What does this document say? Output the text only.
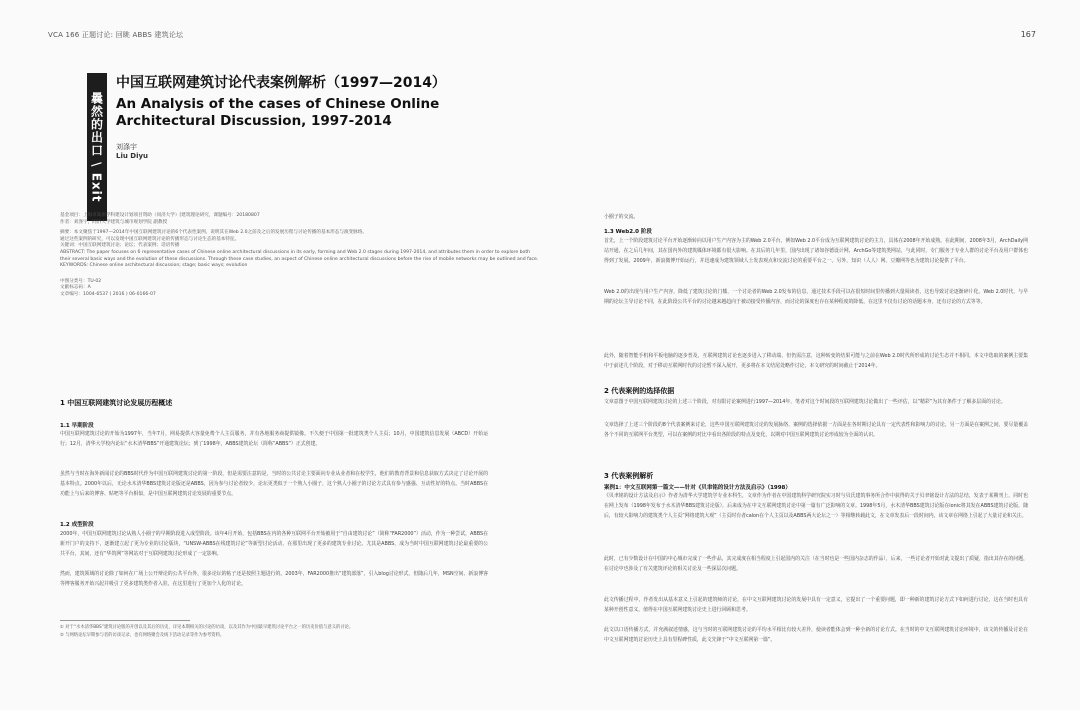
VCA 166 正题讨论: 回眺 ABBS 建筑论坛	167
曩然的出口 \ Exit

中国互联网建筑讨论代表案例解析（1997—2014）

An Analysis of the cases of Chinese Online Architectural Discussion, 1997-2014

刘涤宇
Liu Diyu
基金项目：上海市高原学科建设计划项目资助（同济大学）[建筑理论研究，课题编号：20180807
作者：刘涤宇，同济大学建筑与城市规划学院 副教授
摘要：本文聚焦于1997—2014年中国互联网建筑讨论的6个代表性案例，说明其在Web 2.0之前及之后的发展历程与讨论传播的基本形态与演变脉络。
通过这些案例的研究，可以发现中国互联网建筑讨论的传播形态与讨论生态的基本特征。
关键词：中国互联网建筑讨论；论坛；代表案例；话语传播
ABSTRACT: The paper focuses on 6 representative cases of Chinese online architectural discussions in its early, forming and Web 2.0 stages during 1997-2014, and attributes them in order to explore both
their several basic ways and the evolution of these discussions. Through these case studies, an aspect of Chinese online architectural discussions before the rise of mobile networks may be outlined and face.
KEYWORDS: Chinese online architectural discussion; stage; basic ways; evolution
中图分类号：TU-02
文献标志码：A
文章编号：1004-6537 ( 2016 ) 06-0166-07
1 中国互联网建筑讨论发展历程概述
1.1 早期阶段
中国互联网建筑讨论的开始为1997年，当年7月，网易提供大容量免费个人主页服务，并有各地服务商提供镜像。不久便于中国第一批建筑类个人主页；10月，中国建筑信息发展（ABCD）开始运行；12月，清华大学校内论坛“水木清华BBS”开通建筑论坛；到了1998年，ABBS建筑论坛（简称“ABBS”）正式创建。
虽然与当时在海外新闻讨论的BBS时代作为中国互联网建筑讨论的第一阶段，但是需要注意的是，当时的公共讨论主要面向专业从业者和在校学生，他们的教育背景和信息获取方式决定了讨论开展的基本特点。2000年以后，无论水木清华BBS建筑讨论版还是ABBS，因为参与讨论者较少，论坛更类似于一个熟人小圈子，这个熟人小圈子的讨论方式具有参与感强、互动性好的特点。当时ABBS在功能上与后来的博客、贴吧等平台相似，是中国互联网建筑讨论发展的重要节点。
1.2 成型阶段
2000年，中国互联网建筑讨论从熟人小圈子的早期阶段进入成型阶段。该年4月开始，包括BBS在内的各种互联网平台开始被用于“自由建筑讨论”（简称“FAR2000”）活动，作为一种尝试，ABBS在新开门户的支持下，逐渐建立起了更为专业的讨论版块，“UNSW-ABBS在线建筑讨论”等新型讨论活动，在那里出现了更多的建筑专业讨论。尤其是ABBS，成为当时中国互联网建筑讨论最重要的公共平台，其间，还有“华筑网”等网站对于互联网建筑讨论形成了一定影响。
然而，建筑领域的讨论除了如何在广场上公开辩论的公共平台外，很多论坛的帖子还是按照主题进行的。2003年，FAR2000推出“建筑部落”，引入blog讨论形式，但随后几年，MSN空间、新浪博客等博客服务开始兴起并吸引了更多建筑类作者入驻，在这里进行了更加个人化的讨论。
① 对于“水木清华BBS”建筑讨论版的开创以及其后的历史，详见本期相关的讨论的访谈，以及其作为中国最早建筑讨论平台之一的历史价值与意义的讨论。
② 与网络论坛早期参与者的访谈记录，也有网络聚会及线下活动记录等作为参考资料。
小圈子的交流。
1.3 Web2.0 阶段
首先，上一个阶段建筑讨论平台开始逐渐转向以用户生产内容为主的Web 2.0平台，例如Web 2.0平台成为互联网建筑讨论的主力，具体在2008年开始成熟。在此期间，2008年3月，ArchDaily网站开通，在之后几年间，其在国内外的建筑媒体环境都有很大影响。在其后的几年里，国内出现了诸如谷德设计网、ArchGo等建筑类网站，与此同时，专门服务于专业人群的讨论平台及用户群体也得到了发展。2009年，新浪微博开始运行，并迅速成为建筑领域人士发表观点和交流讨论的重要平台之一。另外，知识（人人）网、豆瓣网等也为建筑讨论提供了平台。
Web 2.0的出现与用户生产内容，降低了建筑讨论的门槛，一个讨论者的Web 2.0发布的信息，通过技术手段可以在很短时间里传播到大量阅读者，这也导致讨论逐渐碎片化。Web 2.0时代，与早期的论坛主导讨论不同，在此阶段公共平台的讨论越来越趋向于被动接受传播内容，而讨论的深度也存在某种程度的降低，在这里不仅有讨论的话题本身，还有讨论的方式等等。
此外，随着智能手机和平板电脑的逐步普及，互联网建筑讨论也逐步进入了移动端，但仍需注意，这种转变的结果可能与之前在Web 2.0时代所形成的讨论生态并不相同。本文中选取的案例主要集中于前述几个阶段，对于移动互联网时代的讨论暂不深入展开，更多将在本文结尾处略作讨论，本文研究的时间截止于2014年。
2 代表案例的选择依据
文章意图于中国互联网建筑讨论的上述三个阶段，对有限讨论案例进行1997—2014年，笔者对这个时间段的互联网建筑讨论做出了一些评估，以“精彩”为其有条件于了解多层面的讨论。
文章选择了上述三个阶段的8个代表案例来讨论，这些中国互联网建筑讨论的发展脉络，案例的选择依据一方面是在各时期讨论具有一定代表性和影响力的讨论，另一方面是在案例之间，要尽量覆盖各个不同的互联网平台类型，可以在案例的对比中看出各阶段的特点及变化，以期对中国互联网建筑讨论形成较为全面的认识。
3 代表案例解析
案例1：中文互联网第一篇文——针对《贝聿铭的设计方法及启示》（1998）
《贝聿铭的设计方法及启示》作者为清华大学建筑学专业本科生，文章作为作者在中国建筑科学研究院实习时与贝氏建筑事务所合作中获得的关于贝聿铭设计方法的总结，发表于某期刊上，同时也在网上发布（1998年发布于水木清华BBS建筑讨论版），后来成为在中文互联网建筑讨论中第一篇有广泛影响的文章。1998年5月，水木清华BBS建筑讨论版在ionic将其发在ABBS建筑讨论版，随后，有较大影响力的建筑类个人主页“网络建筑大观”（主页时有者calon在个人主页以及ABBS两大论坛之一）等相继转载此文，在文章发表后一段时间内，该文章在网络上引起了大量讨论和关注。
此时，已有少数设计在中国的中心城市完成了一些作品，其完成度在相当程度上引起国内的关注（在当时也是一些国内杂志的作品），后来，一些讨论者开始对此文提出了质疑，指出其存在的问题，在讨论中也涉及了有关建筑评论的相关讨论及一些深层次问题。
此文传播过程中，作者发出从基本意义上引起的建筑师的讨论，在中文互联网建筑讨论的发展中具有一定意义，它提出了一个重要问题，即一种新的建筑讨论方式下如何进行讨论，这在当时也具有某种开创性意义，值得在中国互联网建筑讨论史上进行回顾和思考。
此文以口语传播方式，并充满叙述情感，这与当时的互联网建筑讨论的平均水平相比有较大差异，使读者能体会到一种全新的讨论方式。在当时的中文互联网建筑讨论环境中，该文的传播及讨论在中文互联网建筑讨论历史上具有里程碑性质，此文先锋于“中文互联网第一篇”。
